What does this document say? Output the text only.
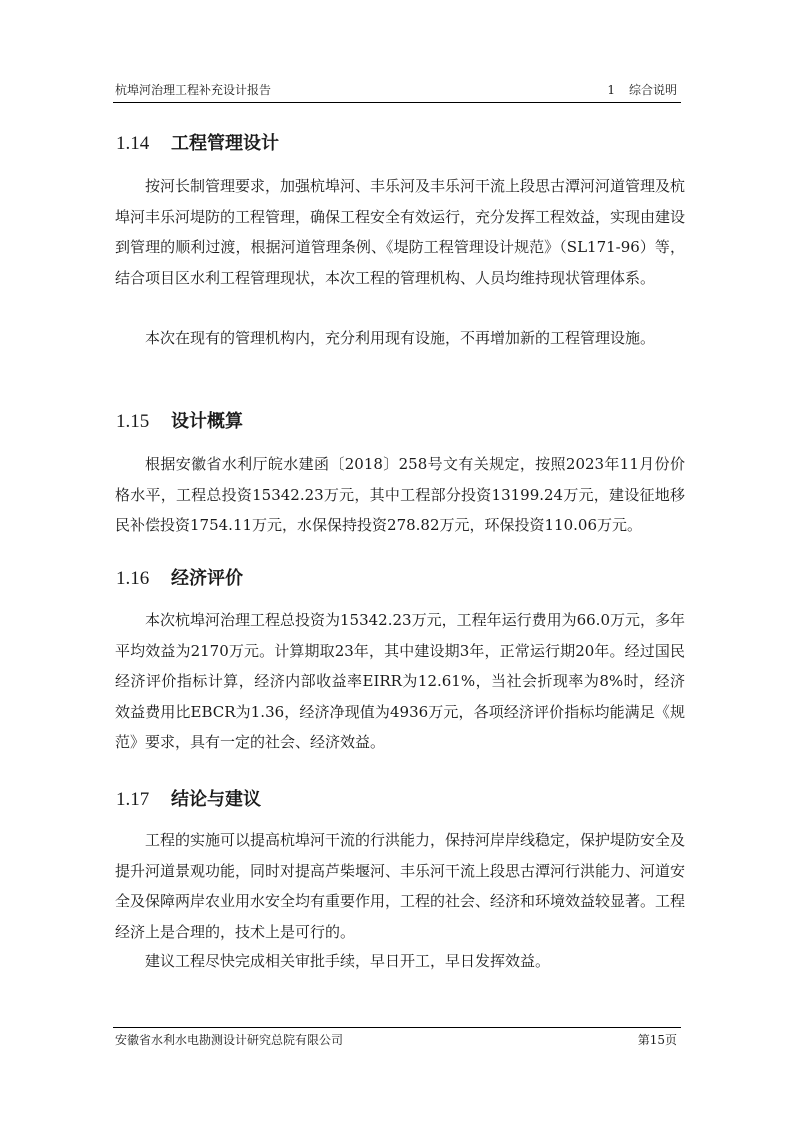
杭埠河治理工程补充设计报告	1 综合说明
1.14 工程管理设计

按河长制管理要求，加强杭埠河、丰乐河及丰乐河干流上段思古潭河河道管理及杭埠河丰乐河堤防的工程管理，确保工程安全有效运行，充分发挥工程效益，实现由建设到管理的顺利过渡，根据河道管理条例、《堤防工程管理设计规范》（SL171-96）等，结合项目区水利工程管理现状，本次工程的管理机构、人员均维持现状管理体系。

本次在现有的管理机构内，充分利用现有设施，不再增加新的工程管理设施。

1.15 设计概算

根据安徽省水利厅皖水建函〔2018〕258号文有关规定，按照2023年11月份价格水平，工程总投资15342.23万元，其中工程部分投资13199.24万元，建设征地移民补偿投资1754.11万元，水保保持投资278.82万元，环保投资110.06万元。

1.16 经济评价

本次杭埠河治理工程总投资为15342.23万元，工程年运行费用为66.0万元，多年平均效益为2170万元。计算期取23年，其中建设期3年，正常运行期20年。经过国民经济评价指标计算，经济内部收益率EIRR为12.61%，当社会折现率为8%时，经济效益费用比EBCR为1.36，经济净现值为4936万元，各项经济评价指标均能满足《规范》要求，具有一定的社会、经济效益。

1.17 结论与建议

工程的实施可以提高杭埠河干流的行洪能力，保持河岸岸线稳定，保护堤防安全及提升河道景观功能，同时对提高芦柴堰河、丰乐河干流上段思古潭河行洪能力、河道安全及保障两岸农业用水安全均有重要作用，工程的社会、经济和环境效益较显著。工程经济上是合理的，技术上是可行的。

建议工程尽快完成相关审批手续，早日开工，早日发挥效益。

安徽省水利水电勘测设计研究总院有限公司	第15页
